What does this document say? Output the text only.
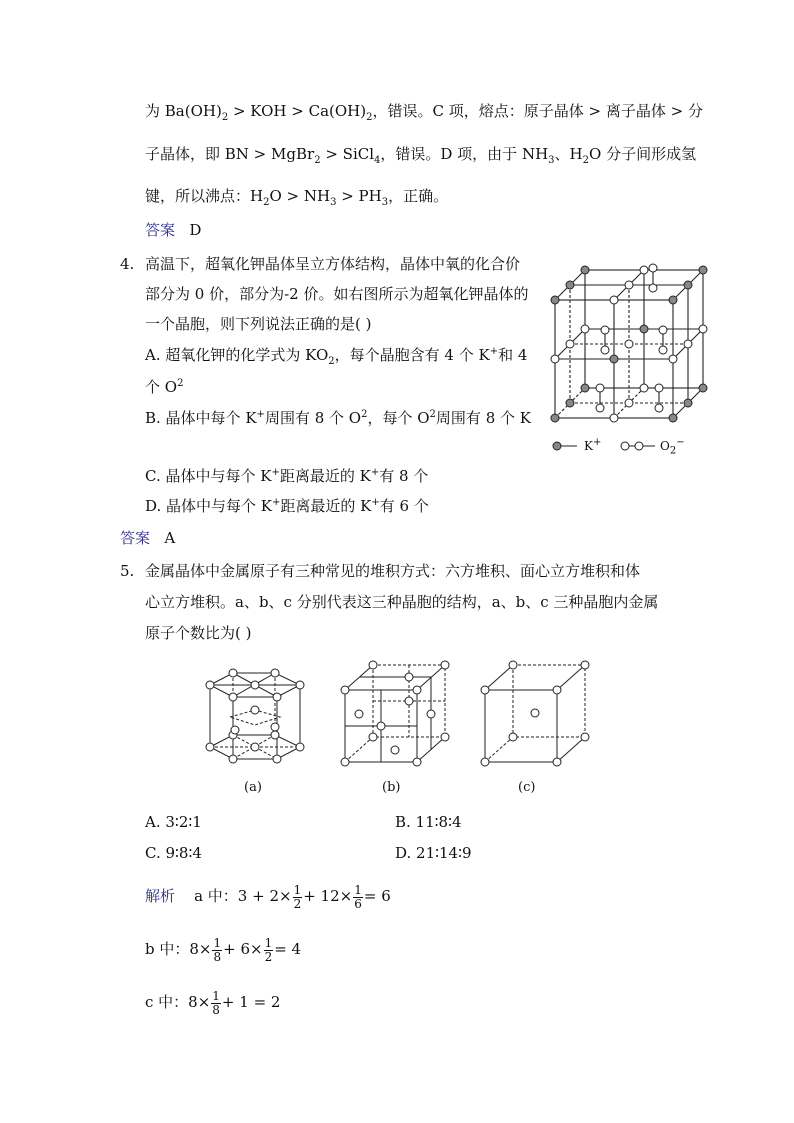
为 $Ba(OH)_2$ > KOH > $Ca(OH)_2$，错误。C 项，熔点：原子晶体 > 离子晶体 > 分
子晶体，即 BN > MgBr$_2$ > SiCl$_4$，错误。D 项，由于 $NH_3$、$H_2O$ 分子间形成氢
键，所以沸点：$H_2O > NH_3 > PH_3$，正确。
答案 D
4. 高温下，超氧化钾晶体呈立方体结构，晶体中氧的化合价
部分为 0 价，部分为-2 价。如右图所示为超氧化钾晶体的
一个晶胞，则下列说法正确的是( )
A. 超氧化钾的化学式为 $KO_2$，每个晶胞含有 4 个 K+和 4
个 $O^2$
B. 晶体中每个 K+周围有 8 个 $O^2$，每个 $O^2$周围有 8 个 K
C. 晶体中与每个 K+距离最近的 K+有 8 个
D. 晶体中与每个 K+距离最近的 K+有 6 个
答案 A
K+	$O_2^-$
5. 金属晶体中金属原子有三种常见的堆积方式：六方堆积、面心立方堆积和体
心立方堆积。a、b、c 分别代表这三种晶胞的结构，a、b、c 三种晶胞内金属
原子个数比为( )
(a)	(b)	(c)
A. 3∶2∶1	B. 11∶8∶4
C. 9∶8∶4	D. 21∶14∶9
解析 a 中：$3 + 2\times \frac{1}{2} + 12\times \frac{1}{6} = 6$
b 中：$8\times \frac{1}{8} + 6\times \frac{1}{2} = 4$
c 中：$8\times \frac{1}{8} + 1 = 2$
